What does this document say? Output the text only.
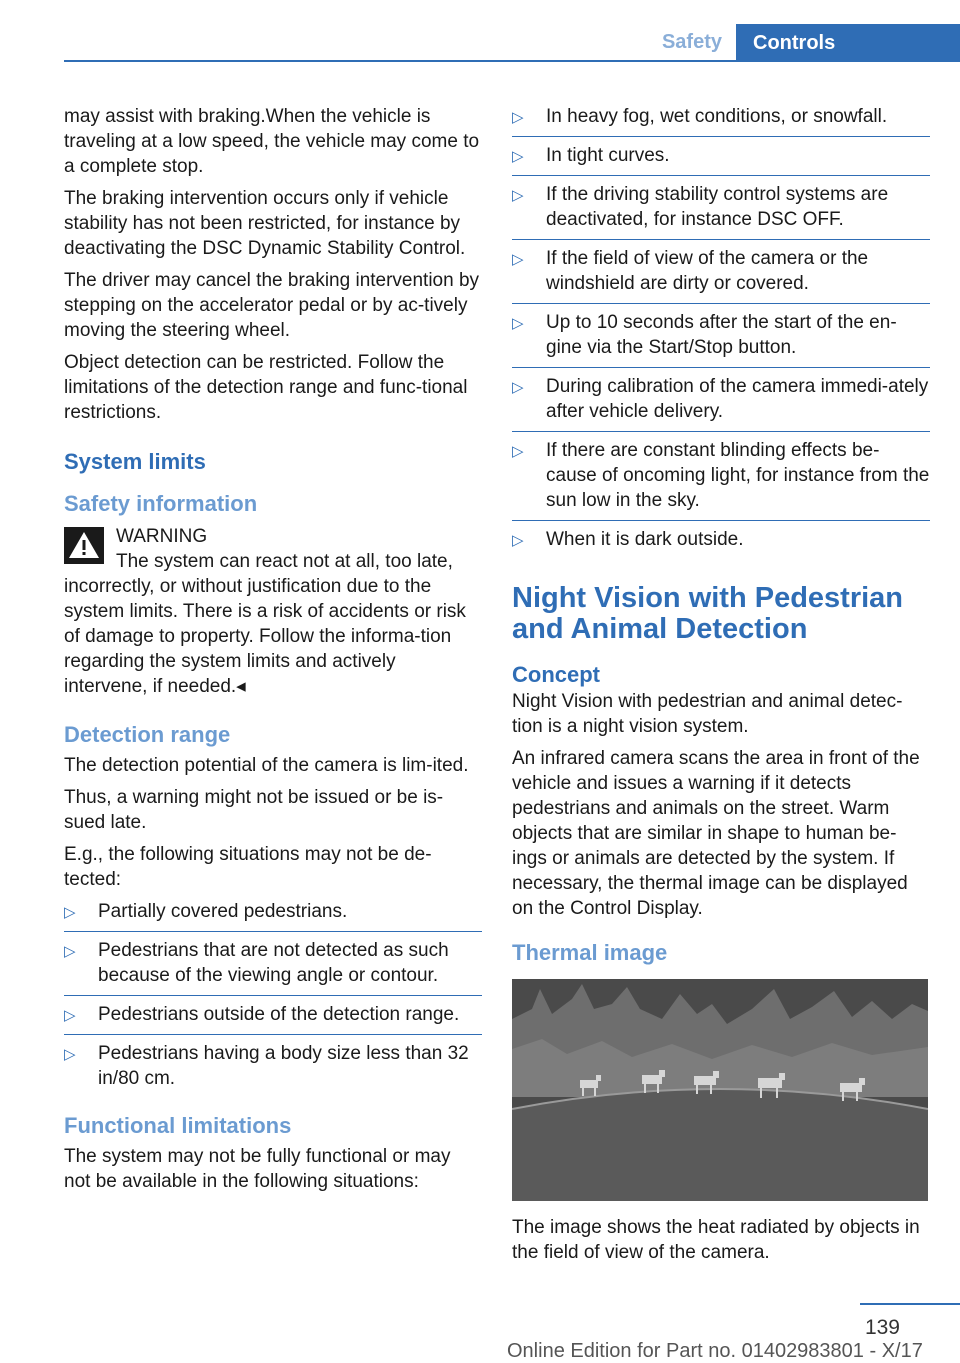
Safety	Controls

may assist with braking.When the vehicle is traveling at a low speed, the vehicle may come to a complete stop.

The braking intervention occurs only if vehicle stability has not been restricted, for instance by deactivating the DSC Dynamic Stability Control.

The driver may cancel the braking intervention by stepping on the accelerator pedal or by ac‐tively moving the steering wheel.

Object detection can be restricted. Follow the limitations of the detection range and func‐tional restrictions.

System limits
Safety information

WARNING

The system can react not at all, too late,

incorrectly, or without justification due to the system limits. There is a risk of accidents or risk of damage to property. Follow the informa‐tion regarding the system limits and actively intervene, if needed.◂

Detection range

The detection potential of the camera is lim‐ited.

Thus, a warning might not be issued or be is‐sued late.

E.g., the following situations may not be de‐tected:

▷ Partially covered pedestrians.
▷ Pedestrians that are not detected as such because of the viewing angle or contour.
▷ Pedestrians outside of the detection range.
▷ Pedestrians having a body size less than 32 in/80 cm.
Functional limitations

The system may not be fully functional or may not be available in the following situations:

▷ In heavy fog, wet conditions, or snowfall.
▷ In tight curves.
▷ If the driving stability control systems are deactivated, for instance DSC OFF.
▷ If the field of view of the camera or the windshield are dirty or covered.
▷ Up to 10 seconds after the start of the en‐gine via the Start/Stop button.
▷ During calibration of the camera immedi‐ately after vehicle delivery.
▷ If there are constant blinding effects be‐cause of oncoming light, for instance from the sun low in the sky.
▷ When it is dark outside.
Night Vision with Pedestrian and Animal Detection
Concept

Night Vision with pedestrian and animal detec‐tion is a night vision system.

An infrared camera scans the area in front of the vehicle and issues a warning if it detects pedestrians and animals on the street. Warm objects that are similar in shape to human be‐ings or animals are detected by the system. If necessary, the thermal image can be displayed on the Control Display.

Thermal image

The image shows the heat radiated by objects in the field of view of the camera.

139
Online Edition for Part no. 01402983801 - X/17
